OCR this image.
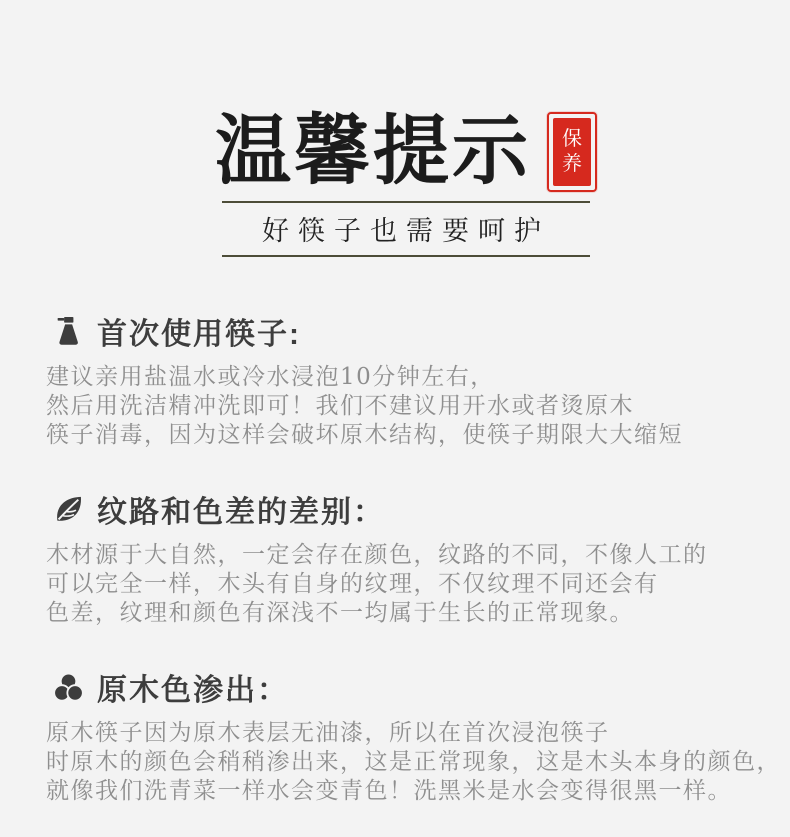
温馨提示 保
养
好筷子也需要呵护
首次使用筷子:
建议亲用盐温水或冷水浸泡10分钟左右，
然后用洗洁精冲洗即可！我们不建议用开水或者烫原木
筷子消毒，因为这样会破坏原木结构，使筷子期限大大缩短
纹路和色差的差别：
木材源于大自然，一定会存在颜色，纹路的不同，不像人工的
可以完全一样，木头有自身的纹理，不仅纹理不同还会有
色差，纹理和颜色有深浅不一均属于生长的正常现象。
原木色渗出：
原木筷子因为原木表层无油漆，所以在首次浸泡筷子
时原木的颜色会稍稍渗出来，这是正常现象，这是木头本身的颜色，
就像我们洗青菜一样水会变青色！洗黑米是水会变得很黑一样。
